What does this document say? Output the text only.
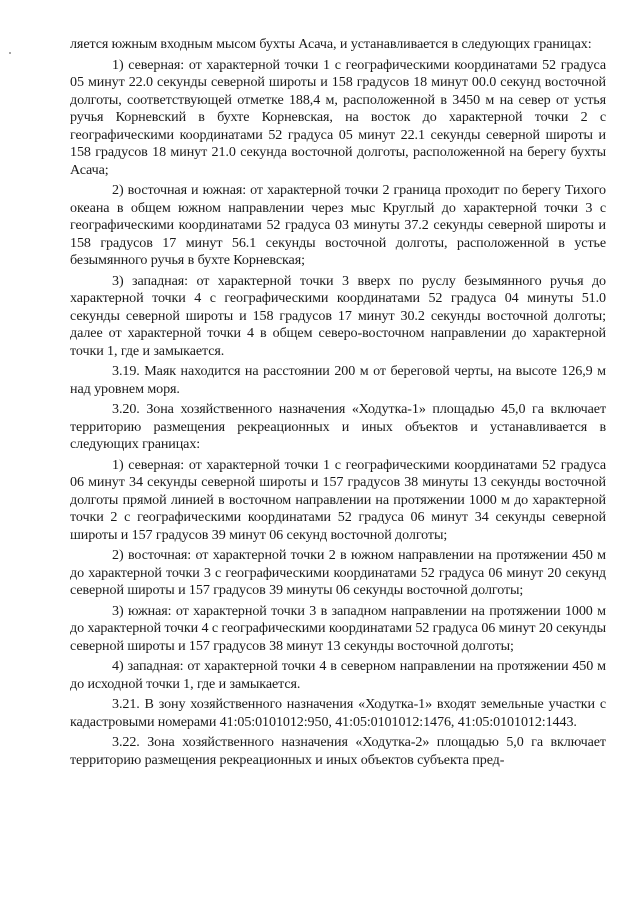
ляется южным входным мысом бухты Асача, и устанавливается в следующих границах:

1) северная: от характерной точки 1 с географическими координатами 52 градуса 05 минут 22.0 секунды северной широты и 158 градусов 18 минут 00.0 секунд восточной долготы, соответствующей отметке 188,4 м, расположенной в 3450 м на север от устья ручья Корневский в бухте Корневская, на восток до характерной точки 2 с географическими координатами 52 градуса 05 минут 22.1 секунды северной широты и 158 градусов 18 минут 21.0 секунда восточной долготы, расположенной на берегу бухты Асача;

2) восточная и южная: от характерной точки 2 граница проходит по берегу Тихого океана в общем южном направлении через мыс Круглый до характерной точки 3 с географическими координатами 52 градуса 03 минуты 37.2 секунды северной широты и 158 градусов 17 минут 56.1 секунды восточной долготы, расположенной в устье безымянного ручья в бухте Корневская;

3) западная: от характерной точки 3 вверх по руслу безымянного ручья до характерной точки 4 с географическими координатами 52 градуса 04 минуты 51.0 секунды северной широты и 158 градусов 17 минут 30.2 секунды восточной долготы; далее от характерной точки 4 в общем северо-восточном направлении до характерной точки 1, где и замыкается.

3.19. Маяк находится на расстоянии 200 м от береговой черты, на высоте 126,9 м над уровнем моря.

3.20. Зона хозяйственного назначения «Ходутка-1» площадью 45,0 га включает территорию размещения рекреационных и иных объектов и устанавливается в следующих границах:

1) северная: от характерной точки 1 с географическими координатами 52 градуса 06 минут 34 секунды северной широты и 157 градусов 38 минуты 13 секунды восточной долготы прямой линией в восточном направлении на протяжении 1000 м до характерной точки 2 с географическими координатами 52 градуса 06 минут 34 секунды северной широты и 157 градусов 39 минут 06 секунд восточной долготы;

2) восточная: от характерной точки 2 в южном направлении на протяжении 450 м до характерной точки 3 с географическими координатами 52 градуса 06 минут 20 секунд северной широты и 157 градусов 39 минуты 06 секунды восточной долготы;

3) южная: от характерной точки 3 в западном направлении на протяжении 1000 м до характерной точки 4 с географическими координатами 52 градуса 06 минут 20 секунды северной широты и 157 градусов 38 минут 13 секунды восточной долготы;

4) западная: от характерной точки 4 в северном направлении на протяжении 450 м до исходной точки 1, где и замыкается.

3.21. В зону хозяйственного назначения «Ходутка-1» входят земельные участки с кадастровыми номерами 41:05:0101012:950, 41:05:0101012:1476, 41:05:0101012:1443.

3.22. Зона хозяйственного назначения «Ходутка-2» площадью 5,0 га включает территорию размещения рекреационных и иных объектов субъекта пред-
